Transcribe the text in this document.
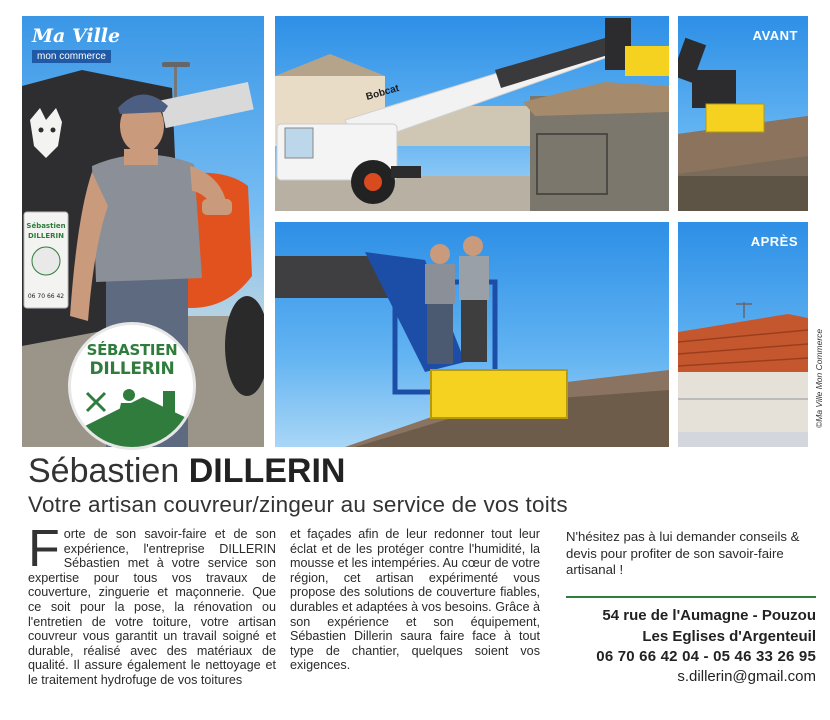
Sébastien
DILLERIN
06 70 66 42
Ma Ville
mon commerce
SÉBASTIEN
DILLERIN
Bobcat
AVANT
APRÈS
©Ma Ville Mon Commerce
Sébastien DILLERIN
Votre artisan couvreur/zingeur au service de vos toits
Forte de son savoir-faire et de son expérience, l'entreprise DILLERIN Sébastien met à votre service son expertise pour tous vos travaux de couverture, zinguerie et maçonnerie. Que ce soit pour la pose, la rénovation ou l'entretien de votre toiture, votre artisan couvreur vous garantit un travail soigné et durable, réalisé avec des matériaux de qualité. Il assure également le nettoyage et le traitement hydrofuge de vos toitures
et façades afin de leur redonner tout leur éclat et de les protéger contre l'humidité, la mousse et les intempéries. Au cœur de votre région, cet artisan expérimenté vous propose des solutions de couverture fiables, durables et adaptées à vos besoins. Grâce à son expérience et son équipement, Sébastien Dillerin saura faire face à tout type de chantier, quelques soient vos exigences.
N'hésitez pas à lui demander conseils & devis pour profiter de son savoir-faire artisanal !
54 rue de l'Aumagne - Pouzou
Les Eglises d'Argenteuil
06 70 66 42 04 - 05 46 33 26 95
s.dillerin@gmail.com
